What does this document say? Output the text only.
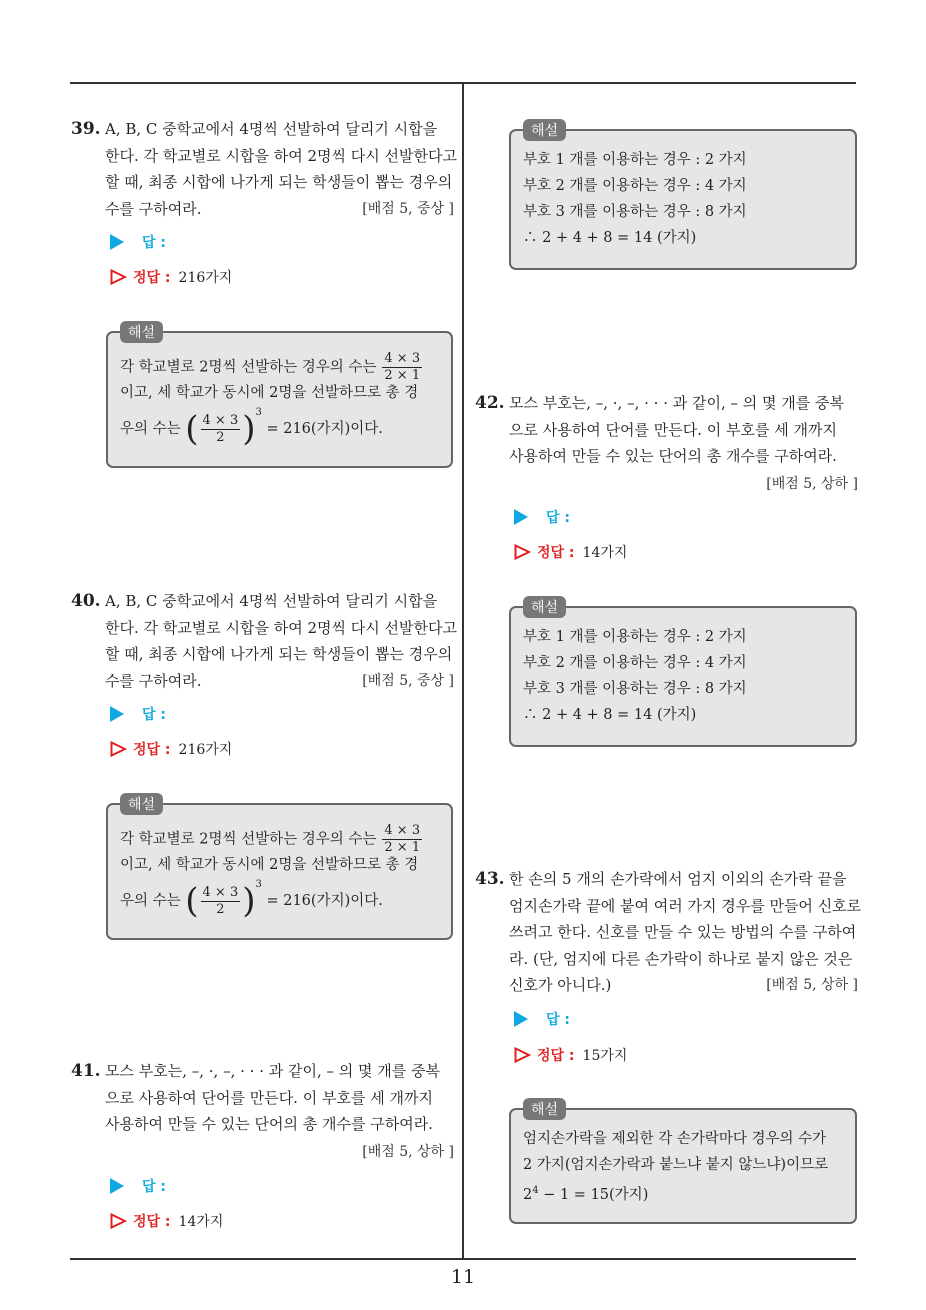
39. A, B, C 중학교에서 4명씩 선발하여 달리기 시합을
한다. 각 학교별로 시합을 하여 2명씩 다시 선발한다고
할 때, 최종 시합에 나가게 되는 학생들이 뽑는 경우의
수를 구하여라.	[배점 5, 중상 ]
답 :
정답 : 216가지
해설
각 학교별로 2명씩 선발하는 경우의 수는 $\frac{4 \times 3}{2 \times 1}$
이고, 세 학교가 동시에 2명을 선발하므로 총 경
우의 수는 ( $\frac{4 \times 3}{2} )^3 = 216$(가지)이다.
40. A, B, C 중학교에서 4명씩 선발하여 달리기 시합을
한다. 각 학교별로 시합을 하여 2명씩 다시 선발한다고
할 때, 최종 시합에 나가게 되는 학생들이 뽑는 경우의
수를 구하여라.	[배점 5, 중상 ]
답 :
정답 : 216가지
해설
각 학교별로 2명씩 선발하는 경우의 수는 $\frac{4 \times 3}{2 \times 1}$
이고, 세 학교가 동시에 2명을 선발하므로 총 경
우의 수는 ( $\frac{4 \times 3}{2} )^3 = 216$(가지)이다.
41. 모스 부호는, –, ·, –, · · · 과 같이, – 의 몇 개를 중복
으로 사용하여 단어를 만든다. 이 부호를 세 개까지
사용하여 만들 수 있는 단어의 총 개수를 구하여라.
[배점 5, 상하 ]
답 :
정답 : 14가지
해설
부호 1 개를 이용하는 경우 : 2 가지
부호 2 개를 이용하는 경우 : 4 가지
부호 3 개를 이용하는 경우 : 8 가지
∴ 2 + 4 + 8 = 14 (가지)
42. 모스 부호는, –, ·, –, · · · 과 같이, – 의 몇 개를 중복
으로 사용하여 단어를 만든다. 이 부호를 세 개까지
사용하여 만들 수 있는 단어의 총 개수를 구하여라.
[배점 5, 상하 ]
답 :
정답 : 14가지
해설
부호 1 개를 이용하는 경우 : 2 가지
부호 2 개를 이용하는 경우 : 4 가지
부호 3 개를 이용하는 경우 : 8 가지
∴ 2 + 4 + 8 = 14 (가지)
43. 한 손의 5 개의 손가락에서 엄지 이외의 손가락 끝을
엄지손가락 끝에 붙여 여러 가지 경우를 만들어 신호로
쓰려고 한다. 신호를 만들 수 있는 방법의 수를 구하여
라. (단, 엄지에 다른 손가락이 하나로 붙지 않은 것은
신호가 아니다.)	[배점 5, 상하 ]
답 :
정답 : 15가지
해설
엄지손가락을 제외한 각 손가락마다 경우의 수가
2 가지(엄지손가락과 붙느냐 붙지 않느냐)이므로
$2^4 - 1 = 15$(가지)
11
